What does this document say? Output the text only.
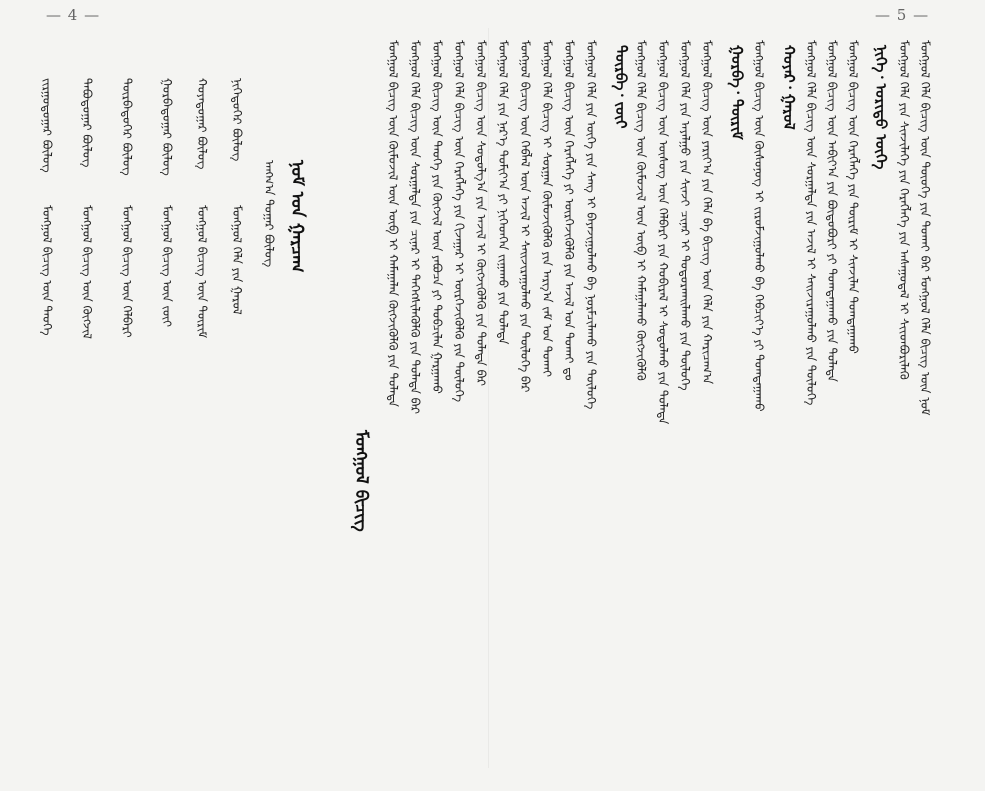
— 4 —	— 5 —
ᠨᠣᠮ ᠤᠨ ᠭᠠᠷᠴᠠᠭ
ᠵᠢᠷᠭᠤᠳᠤᠭᠠᠷ ᠪᠦᠯᠦᠭ ᠲᠠᠪᠤᠳᠤᠭᠠᠷ ᠪᠦᠯᠦᠭ ᠳᠥᠷᠪᠡᠳᠦᠭᠡᠷ ᠪᠦᠯᠦᠭ ᠭᠤᠷᠪᠠᠳᠤᠭᠠᠷ ᠪᠦᠯᠦᠭ ᠬᠣᠶᠠᠳᠤᠭᠠᠷ ᠪᠦᠯᠦᠭ ᠨᠢᠭᠡᠳᠦᠭᠡᠷ ᠪᠦᠯᠦᠭ
ᠠᠩᠬ᠎ᠠ ᠳᠤᠭᠠᠷ ᠪᠦᠯᠦᠭ
ᠮᠣᠩᠭᠣᠯ ᠪᠢᠴᠢᠭ ᠦᠨ ᠲᠡᠦᠬᠡ ᠮᠣᠩᠭᠣᠯ ᠪᠢᠴᠢᠭ ᠦᠨ ᠬᠥᠭᠵᠢᠯ ᠮᠣᠩᠭᠣᠯ ᠪᠢᠴᠢᠭ ᠦᠨ ᠬᠡᠯᠪᠡᠷᠢ ᠮᠣᠩᠭᠣᠯ ᠪᠢᠴᠢᠭ ᠦᠨ ᠵᠦᠢ ᠮᠣᠩᠭᠣᠯ ᠪᠢᠴᠢᠭ ᠦᠨ ᠳᠦᠷᠢᠮ ᠮᠣᠩᠭᠣᠯ ᠬᠡᠯᠡ ᠶᠢᠨ ᠭᠠᠷᠤᠯ	ᠮᠣᠩᠭᠣᠯ ᠬᠡᠯᠡ ᠪᠢᠴᠢᠭ ᠦᠨ ᠲᠦᠤᠬᠡ ᠶᠢᠨ ᠲᠤᠬᠠᠢ ᠪᠠᠷ ᠮᠣᠩᠭᠣᠯ ᠬᠡᠯᠡ ᠪᠢᠴᠢᠭ ᠦᠨ ᠨᠣᠮ
ᠮᠣᠩᠭᠣᠯ ᠬᠡᠯᠡ ᠶᠢᠨ ᠰᠢᠨᠵᠢᠯᠡᠭᠡ ᠶᠢᠨ ᠬᠡᠷᠡᠭᠯᠡᠭᠡ ᠶᠢᠨ ᠠᠰᠠᠭᠤᠳᠠᠯ ᠢ ᠰᠢᠢᠳᠪᠦᠷᠢᠯᠡᠬᠦ
ᠨᠢᠭᠡ᠂ ᠤᠷᠢᠳᠤ ᠦᠭᠡ
ᠮᠣᠩᠭᠣᠯ ᠪᠢᠴᠢᠭ ᠦᠨ ᠬᠡᠷᠡᠭᠯᠡᠭᠡ ᠶᠢᠨ ᠳᠦᠷᠢᠮ ᠢ ᠰᠢᠨᠵᠢᠯᠡᠨ ᠲᠣᠭᠲᠠᠭᠠᠬᠤ
ᠮᠣᠩᠭᠣᠯ ᠪᠢᠴᠢᠭ ᠦᠨ ᠠᠪᠢᠶ᠎ᠠ ᠶᠢᠨ ᠪᠦᠳᠦᠪᠦᠷᠢ ᠶᠢ ᠲᠣᠭᠲᠠᠭᠠᠬᠤ ᠶᠢᠨ ᠲᠤᠯᠠᠳᠠ
ᠮᠣᠩᠭᠣᠯ ᠬᠡᠯᠡ ᠪᠢᠴᠢᠭ ᠦᠨ ᠰᠤᠷᠭᠠᠯᠲᠠ ᠶᠢᠨ ᠠᠵᠢᠯ ᠢ ᠰᠠᠢᠵᠢᠷᠠᠭᠤᠯᠬᠤ ᠶᠢᠨ ᠲᠥᠯᠥᠭᠡ
ᠬᠣᠶᠠᠷ᠂ ᠭᠠᠷᠤᠯ
ᠮᠣᠩᠭᠣᠯ ᠪᠢᠴᠢᠭ ᠦᠨ ᠬᠦᠰᠦᠨᠦᠭ ᠢ ᠵᠢᠷᠤᠮᠵᠢᠭᠤᠯᠬᠤ ᠪᠠ ᠬᠡᠪᠴᠢᠶ᠎ᠡ ᠶᠢ ᠲᠣᠭᠲᠠᠭᠠᠬᠤ
ᠭᠤᠷᠪᠠ᠂ ᠳᠦᠷᠢᠮ
ᠮᠣᠩᠭᠣᠯ ᠪᠢᠴᠢᠭ ᠦᠨ ᠶᠠᠷᠢᠶ᠎ᠠ ᠶᠢᠨ ᠬᠡᠯᠡ ᠪᠠ ᠪᠢᠴᠢᠭ ᠦᠨ ᠬᠡᠯᠡ ᠶᠢᠨ ᠬᠠᠷᠢᠴᠠᠭ᠎ᠠ
ᠮᠣᠩᠭᠣᠯ ᠬᠡᠯᠡ ᠶᠢᠨ ᠠᠶᠠᠯᠭᠤ ᠶᠢᠨ ᠰᠢᠨᠵᠢ ᠴᠢᠨᠠᠷ ᠢ ᠲᠣᠳᠣᠷᠬᠠᠢᠯᠠᠬᠤ ᠶᠢᠨ ᠲᠥᠯᠥᠭᠡ
ᠮᠣᠩᠭᠣᠯ ᠪᠢᠴᠢᠭ ᠦᠨ ᠦᠰᠦᠭ ᠦᠨ ᠬᠡᠯᠪᠡᠷᠢ ᠶᠢᠨ ᠬᠤᠪᠢᠷᠠᠯ ᠢ ᠰᠤᠳᠤᠯᠬᠤ ᠶᠢᠨ ᠲᠤᠯᠠᠳᠠ
ᠮᠣᠩᠭᠣᠯ ᠬᠡᠯᠡ ᠪᠢᠴᠢᠭ ᠦᠨ ᠬᠦᠮᠦᠵᠢᠯ ᠦᠨ ᠥᠪ ᠢ ᠬᠠᠮᠠᠭᠠᠯᠠᠬᠤ ᠬᠥᠭᠵᠢᠭᠦᠯᠬᠦ
ᠳᠥᠷᠪᠡ᠂ ᠵᠦᠢ
ᠮᠣᠩᠭᠣᠯ ᠬᠡᠯᠡ ᠶᠢᠨ ᠦᠭᠡ ᠶᠢᠨ ᠰᠠᠩ ᠢ ᠪᠠᠶᠠᠵᠢᠭᠤᠯᠬᠤ ᠪᠠ ᠨᠣᠷᠮᠴᠢᠯᠠᠬᠤ ᠶᠢᠨ ᠲᠥᠯᠥᠭᠡ
ᠮᠣᠩᠭᠣᠯ ᠪᠢᠴᠢᠭ ᠦᠨ ᠬᠡᠷᠡᠭᠯᠡᠭᠡ ᠶᠢ ᠥᠷᠭᠡᠵᠢᠭᠦᠯᠬᠦ ᠶᠢᠨ ᠠᠵᠢᠯ ᠤᠨ ᠲᠤᠬᠠᠢ ᠳᠤ
ᠮᠣᠩᠭᠣᠯ ᠬᠡᠯᠡ ᠪᠢᠴᠢᠭ ᠢ ᠰᠤᠷᠭᠠᠨ ᠬᠥᠮᠦᠵᠢᠭᠦᠯᠬᠦ ᠶᠢᠨ ᠠᠷᠭ᠎ᠠ ᠵᠠᠮ ᠤᠨ ᠲᠤᠬᠠᠢ
ᠮᠣᠩᠭᠣᠯ ᠪᠢᠴᠢᠭ ᠦᠨ ᠬᠡᠪᠯᠡᠯ ᠦᠨ ᠠᠵᠢᠯ ᠢ ᠰᠠᠢᠵᠢᠷᠠᠭᠤᠯᠬᠤ ᠶᠢᠨ ᠲᠥᠯᠥᠭᠡ ᠪᠠᠷ
ᠮᠣᠩᠭᠣᠯ ᠬᠡᠯᠡ ᠶᠢᠨ ᠨᠡᠷ᠎ᠡ ᠲᠣᠮᠢᠶ᠎ᠠ ᠶᠢ ᠨᠢᠭᠡᠳᠬᠡᠨ ᠵᠢᠭᠠᠬᠤ ᠶᠢᠨ ᠲᠤᠯᠠᠳᠠ
ᠮᠣᠩᠭᠣᠯ ᠪᠢᠴᠢᠭ ᠦᠨ ᠰᠤᠳᠤᠯᠭ᠎ᠠ ᠶᠢᠨ ᠠᠵᠢᠯ ᠢ ᠬᠥᠭᠵᠢᠭᠦᠯᠬᠦ ᠶᠢᠨ ᠲᠤᠯᠠᠳᠠ ᠪᠠᠷ
ᠮᠣᠩᠭᠣᠯ ᠬᠡᠯᠡ ᠪᠢᠴᠢᠭ ᠦᠨ ᠬᠡᠷᠡᠭᠯᠡᠭᠡ ᠶᠢᠨ ᠬᠢᠵᠠᠭᠠᠷ ᠢ ᠥᠷᠭᠡᠵᠢᠭᠦᠯᠬᠦ ᠶᠢᠨ ᠲᠥᠯᠥᠭᠡ
ᠮᠣᠩᠭᠣᠯ ᠪᠢᠴᠢᠭ ᠦᠨ ᠲᠡᠦᠬᠡ ᠶᠢᠨ ᠬᠥᠭᠵᠢᠯ ᠦᠨ ᠶᠠᠪᠤᠴᠠ ᠶᠢ ᠲᠣᠪᠴᠢᠯᠠᠨ ᠭᠠᠷᠭᠠᠬᠤ
ᠮᠣᠩᠭᠣᠯ ᠬᠡᠯᠡ ᠪᠢᠴᠢᠭ ᠦᠨ ᠰᠤᠷᠭᠠᠯᠲᠠ ᠶᠢᠨ ᠴᠢᠨᠠᠷ ᠢ ᠳᠡᠭᠡᠭᠰᠢᠯᠡᠭᠦᠯᠬᠦ ᠶᠢᠨ ᠲᠤᠯᠠᠳᠠ ᠪᠠᠷ
ᠮᠣᠩᠭᠣᠯ ᠪᠢᠴᠢᠭ ᠦᠨ ᠬᠦᠮᠦᠵᠢᠯ ᠦᠨ ᠥᠪ ᠢ ᠬᠠᠮᠠᠭᠠᠯᠠᠨ ᠬᠥᠭᠵᠢᠭᠦᠯᠬᠦ ᠶᠢᠨ ᠲᠤᠯᠠᠳᠠ
ᠮᠣᠩᠭᠣᠯ ᠪᠢᠴᠢᠭ
